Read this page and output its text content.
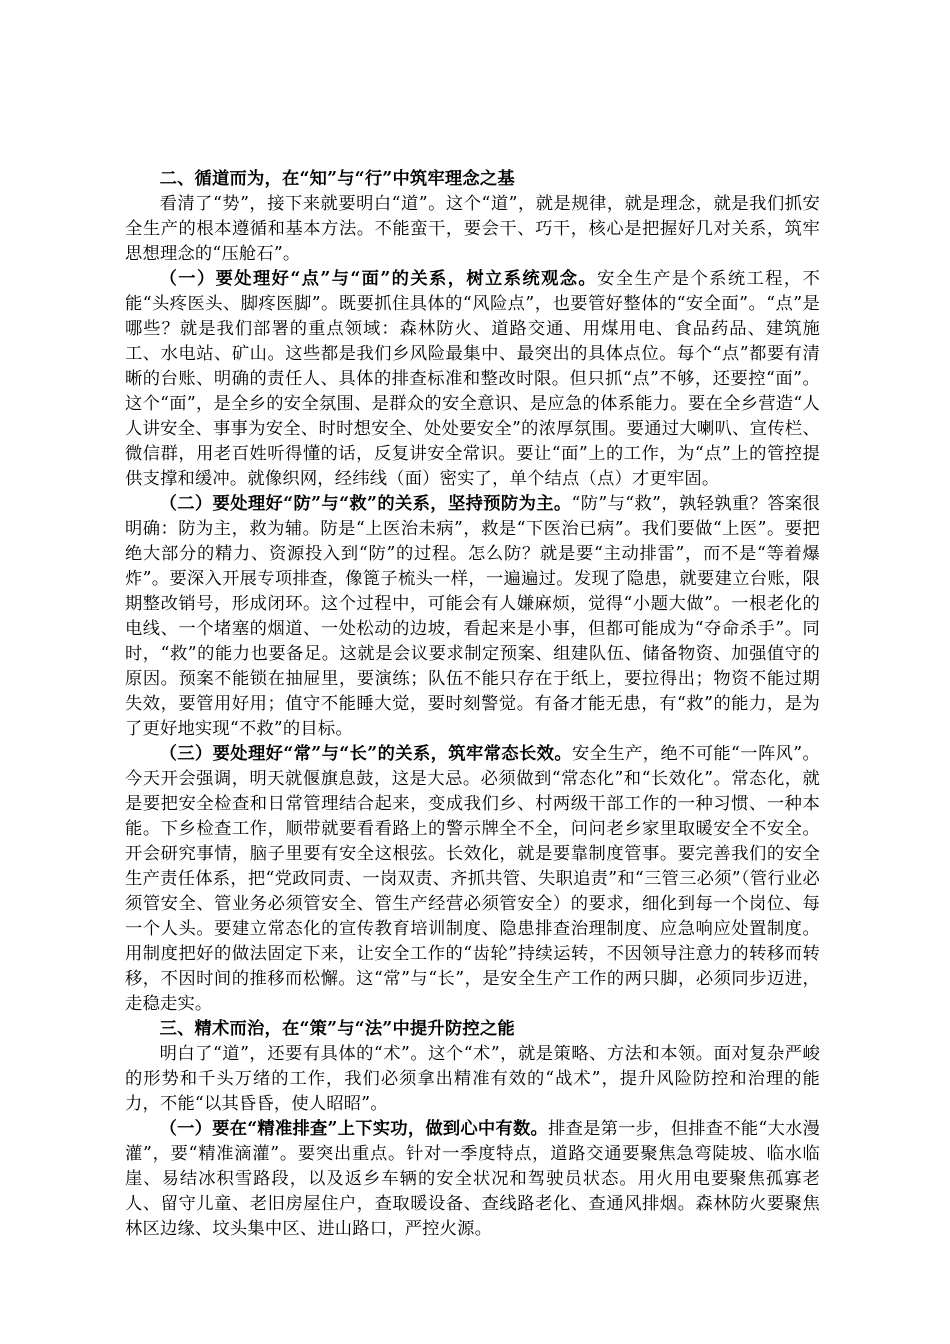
二、循道而为，在“知”与“行”中筑牢理念之基

看清了“势”，接下来就要明白“道”。这个“道”，就是规律，就是理念，就是我们抓安全生产的根本遵循和基本方法。不能蛮干，要会干、巧干，核心是把握好几对关系，筑牢思想理念的“压舱石”。

（一）要处理好“点”与“面”的关系，树立系统观念。安全生产是个系统工程，不能“头疼医头、脚疼医脚”。既要抓住具体的“风险点”，也要管好整体的“安全面”。“点”是哪些？就是我们部署的重点领域：森林防火、道路交通、用煤用电、食品药品、建筑施工、水电站、矿山。这些都是我们乡风险最集中、最突出的具体点位。每个“点”都要有清晰的台账、明确的责任人、具体的排查标准和整改时限。但只抓“点”不够，还要控“面”。这个“面”，是全乡的安全氛围、是群众的安全意识、是应急的体系能力。要在全乡营造“人人讲安全、事事为安全、时时想安全、处处要安全”的浓厚氛围。要通过大喇叭、宣传栏、微信群，用老百姓听得懂的话，反复讲安全常识。要让“面”上的工作，为“点”上的管控提供支撑和缓冲。就像织网，经纬线（面）密实了，单个结点（点）才更牢固。

（二）要处理好“防”与“救”的关系，坚持预防为主。“防”与“救”，孰轻孰重？答案很明确：防为主，救为辅。防是“上医治未病”，救是“下医治已病”。我们要做“上医”。要把绝大部分的精力、资源投入到“防”的过程。怎么防？就是要“主动排雷”，而不是“等着爆炸”。要深入开展专项排查，像篦子梳头一样，一遍遍过。发现了隐患，就要建立台账，限期整改销号，形成闭环。这个过程中，可能会有人嫌麻烦，觉得“小题大做”。一根老化的电线、一个堵塞的烟道、一处松动的边坡，看起来是小事，但都可能成为“夺命杀手”。同时，“救”的能力也要备足。这就是会议要求制定预案、组建队伍、储备物资、加强值守的原因。预案不能锁在抽屉里，要演练；队伍不能只存在于纸上，要拉得出；物资不能过期失效，要管用好用；值守不能睡大觉，要时刻警觉。有备才能无患，有“救”的能力，是为了更好地实现“不救”的目标。

（三）要处理好“常”与“长”的关系，筑牢常态长效。安全生产，绝不可能“一阵风”。今天开会强调，明天就偃旗息鼓，这是大忌。必须做到“常态化”和“长效化”。常态化，就是要把安全检查和日常管理结合起来，变成我们乡、村两级干部工作的一种习惯、一种本能。下乡检查工作，顺带就要看看路上的警示牌全不全，问问老乡家里取暖安全不安全。开会研究事情，脑子里要有安全这根弦。长效化，就是要靠制度管事。要完善我们的安全生产责任体系，把“党政同责、一岗双责、齐抓共管、失职追责”和“三管三必须”（管行业必须管安全、管业务必须管安全、管生产经营必须管安全）的要求，细化到每一个岗位、每一个人头。要建立常态化的宣传教育培训制度、隐患排查治理制度、应急响应处置制度。用制度把好的做法固定下来，让安全工作的“齿轮”持续运转，不因领导注意力的转移而转移，不因时间的推移而松懈。这“常”与“长”，是安全生产工作的两只脚，必须同步迈进，走稳走实。

三、精术而治，在“策”与“法”中提升防控之能

明白了“道”，还要有具体的“术”。这个“术”，就是策略、方法和本领。面对复杂严峻的形势和千头万绪的工作，我们必须拿出精准有效的“战术”，提升风险防控和治理的能力，不能“以其昏昏，使人昭昭”。

（一）要在“精准排查”上下实功，做到心中有数。排查是第一步，但排查不能“大水漫灌”，要“精准滴灌”。要突出重点。针对一季度特点，道路交通要聚焦急弯陡坡、临水临崖、易结冰积雪路段，以及返乡车辆的安全状况和驾驶员状态。用火用电要聚焦孤寡老人、留守儿童、老旧房屋住户，查取暖设备、查线路老化、查通风排烟。森林防火要聚焦林区边缘、坟头集中区、进山路口，严控火源。
